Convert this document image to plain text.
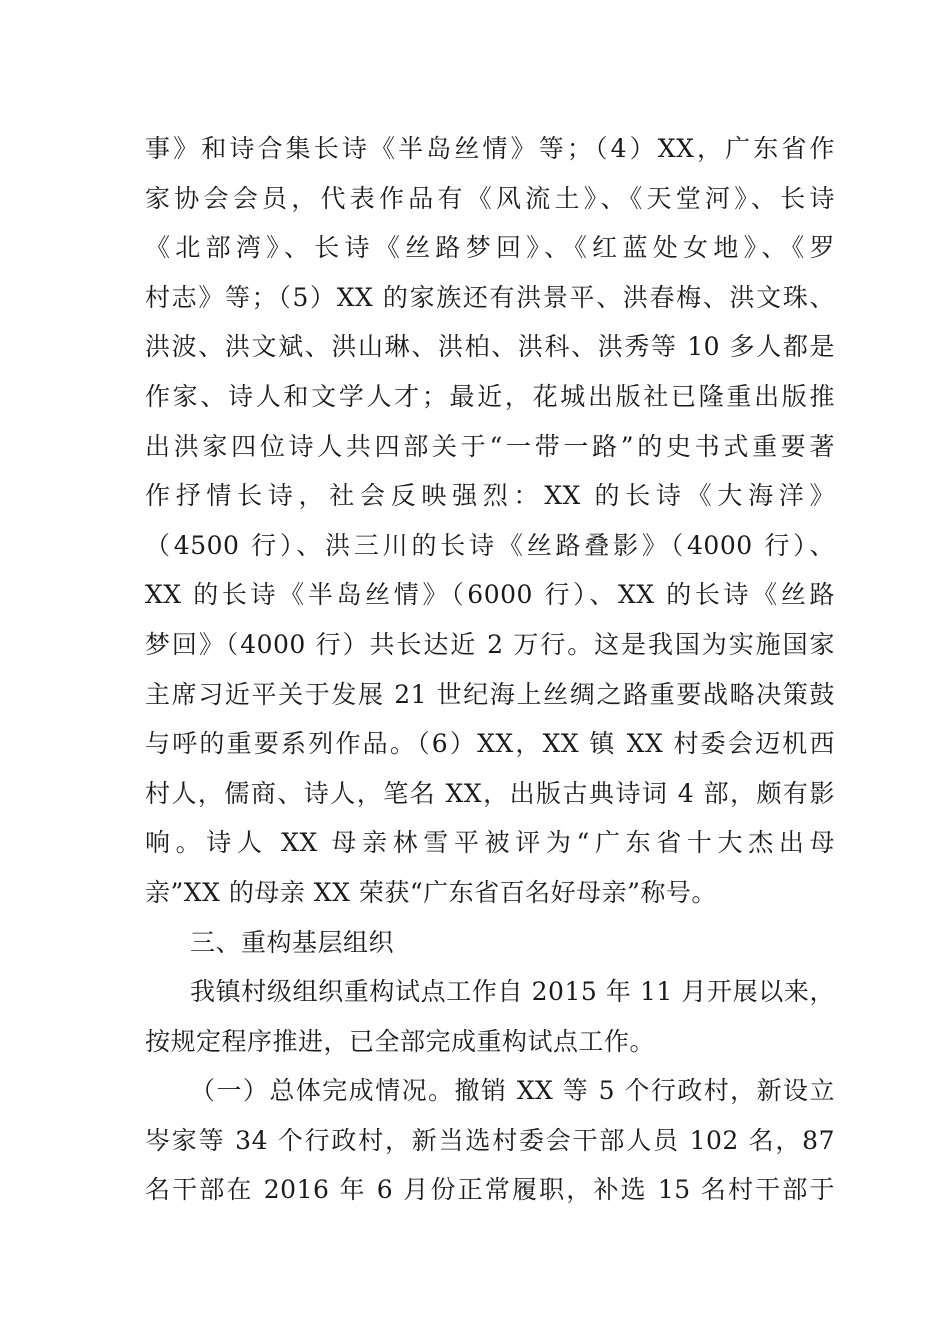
事》和诗合集长诗《半岛丝情》等；（4）XX，广东省作
家协会会员，代表作品有《风流土》、《天堂河》、长诗
《北部湾》、长诗《丝路梦回》、《红蓝处女地》、《罗
村志》等；（5）XX 的家族还有洪景平、洪春梅、洪文珠、
洪波、洪文斌、洪山琳、洪柏、洪科、洪秀等 10 多人都是
作家、诗人和文学人才；最近，花城出版社已隆重出版推
出洪家四位诗人共四部关于“一带一路”的史书式重要著
作抒情长诗，社会反映强烈：XX 的长诗《大海洋》
（4500 行）、洪三川的长诗《丝路叠影》（4000 行）、
XX 的长诗《半岛丝情》（6000 行）、XX 的长诗《丝路
梦回》（4000 行）共长达近 2 万行。这是我国为实施国家
主席习近平关于发展 21 世纪海上丝绸之路重要战略决策鼓
与呼的重要系列作品。（6）XX，XX 镇 XX 村委会迈机西
村人，儒商、诗人，笔名 XX，出版古典诗词 4 部，颇有影
响。诗人 XX 母亲林雪平被评为“广东省十大杰出母
亲”XX 的母亲 XX 荣获“广东省百名好母亲”称号。
三、重构基层组织
我镇村级组织重构试点工作自 2015 年 11 月开展以来，
按规定程序推进，已全部完成重构试点工作。
（一）总体完成情况。撤销 XX 等 5 个行政村，新设立
岑家等 34 个行政村，新当选村委会干部人员 102 名，87
名干部在 2016 年 6 月份正常履职，补选 15 名村干部于
